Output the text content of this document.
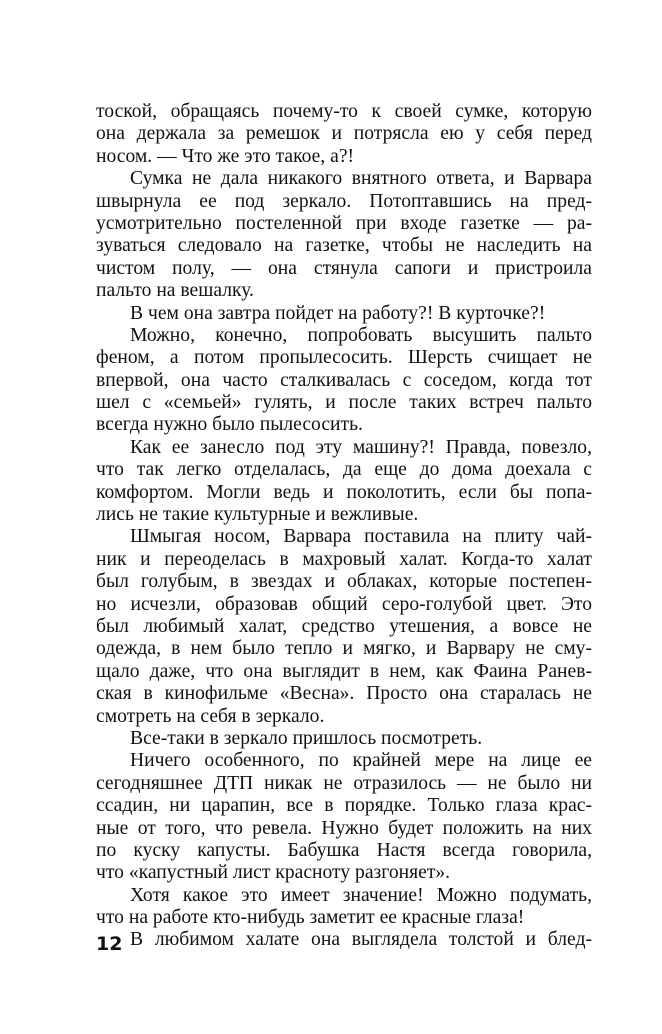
тоской, обращаясь почему-то к своей сумке, которую
она держала за ремешок и потрясла ею у себя перед
носом. — Что же это такое, а?!
Сумка не дала никакого внятного ответа, и Варвара
швырнула ее под зеркало. Потоптавшись на пред-
усмотрительно постеленной при входе газетке — ра-
зуваться следовало на газетке, чтобы не наследить на
чистом полу, — она стянула сапоги и пристроила
пальто на вешалку.
В чем она завтра пойдет на работу?! В курточке?!
Можно, конечно, попробовать высушить пальто
феном, а потом пропылесосить. Шерсть счищает не
впервой, она часто сталкивалась с соседом, когда тот
шел с «семьей» гулять, и после таких встреч пальто
всегда нужно было пылесосить.
Как ее занесло под эту машину?! Правда, повезло,
что так легко отделалась, да еще до дома доехала с
комфортом. Могли ведь и поколотить, если бы попа-
лись не такие культурные и вежливые.
Шмыгая носом, Варвара поставила на плиту чай-
ник и переоделась в махровый халат. Когда-то халат
был голубым, в звездах и облаках, которые постепен-
но исчезли, образовав общий серо-голубой цвет. Это
был любимый халат, средство утешения, а вовсе не
одежда, в нем было тепло и мягко, и Варвару не сму-
щало даже, что она выглядит в нем, как Фаина Ранев-
ская в кинофильме «Весна». Просто она старалась не
смотреть на себя в зеркало.
Все-таки в зеркало пришлось посмотреть.
Ничего особенного, по крайней мере на лице ее
сегодняшнее ДТП никак не отразилось — не было ни
ссадин, ни царапин, все в порядке. Только глаза крас-
ные от того, что ревела. Нужно будет положить на них
по куску капусты. Бабушка Настя всегда говорила,
что «капустный лист красноту разгоняет».
Хотя какое это имеет значение! Можно подумать,
что на работе кто-нибудь заметит ее красные глаза!
В любимом халате она выглядела толстой и блед-
12
